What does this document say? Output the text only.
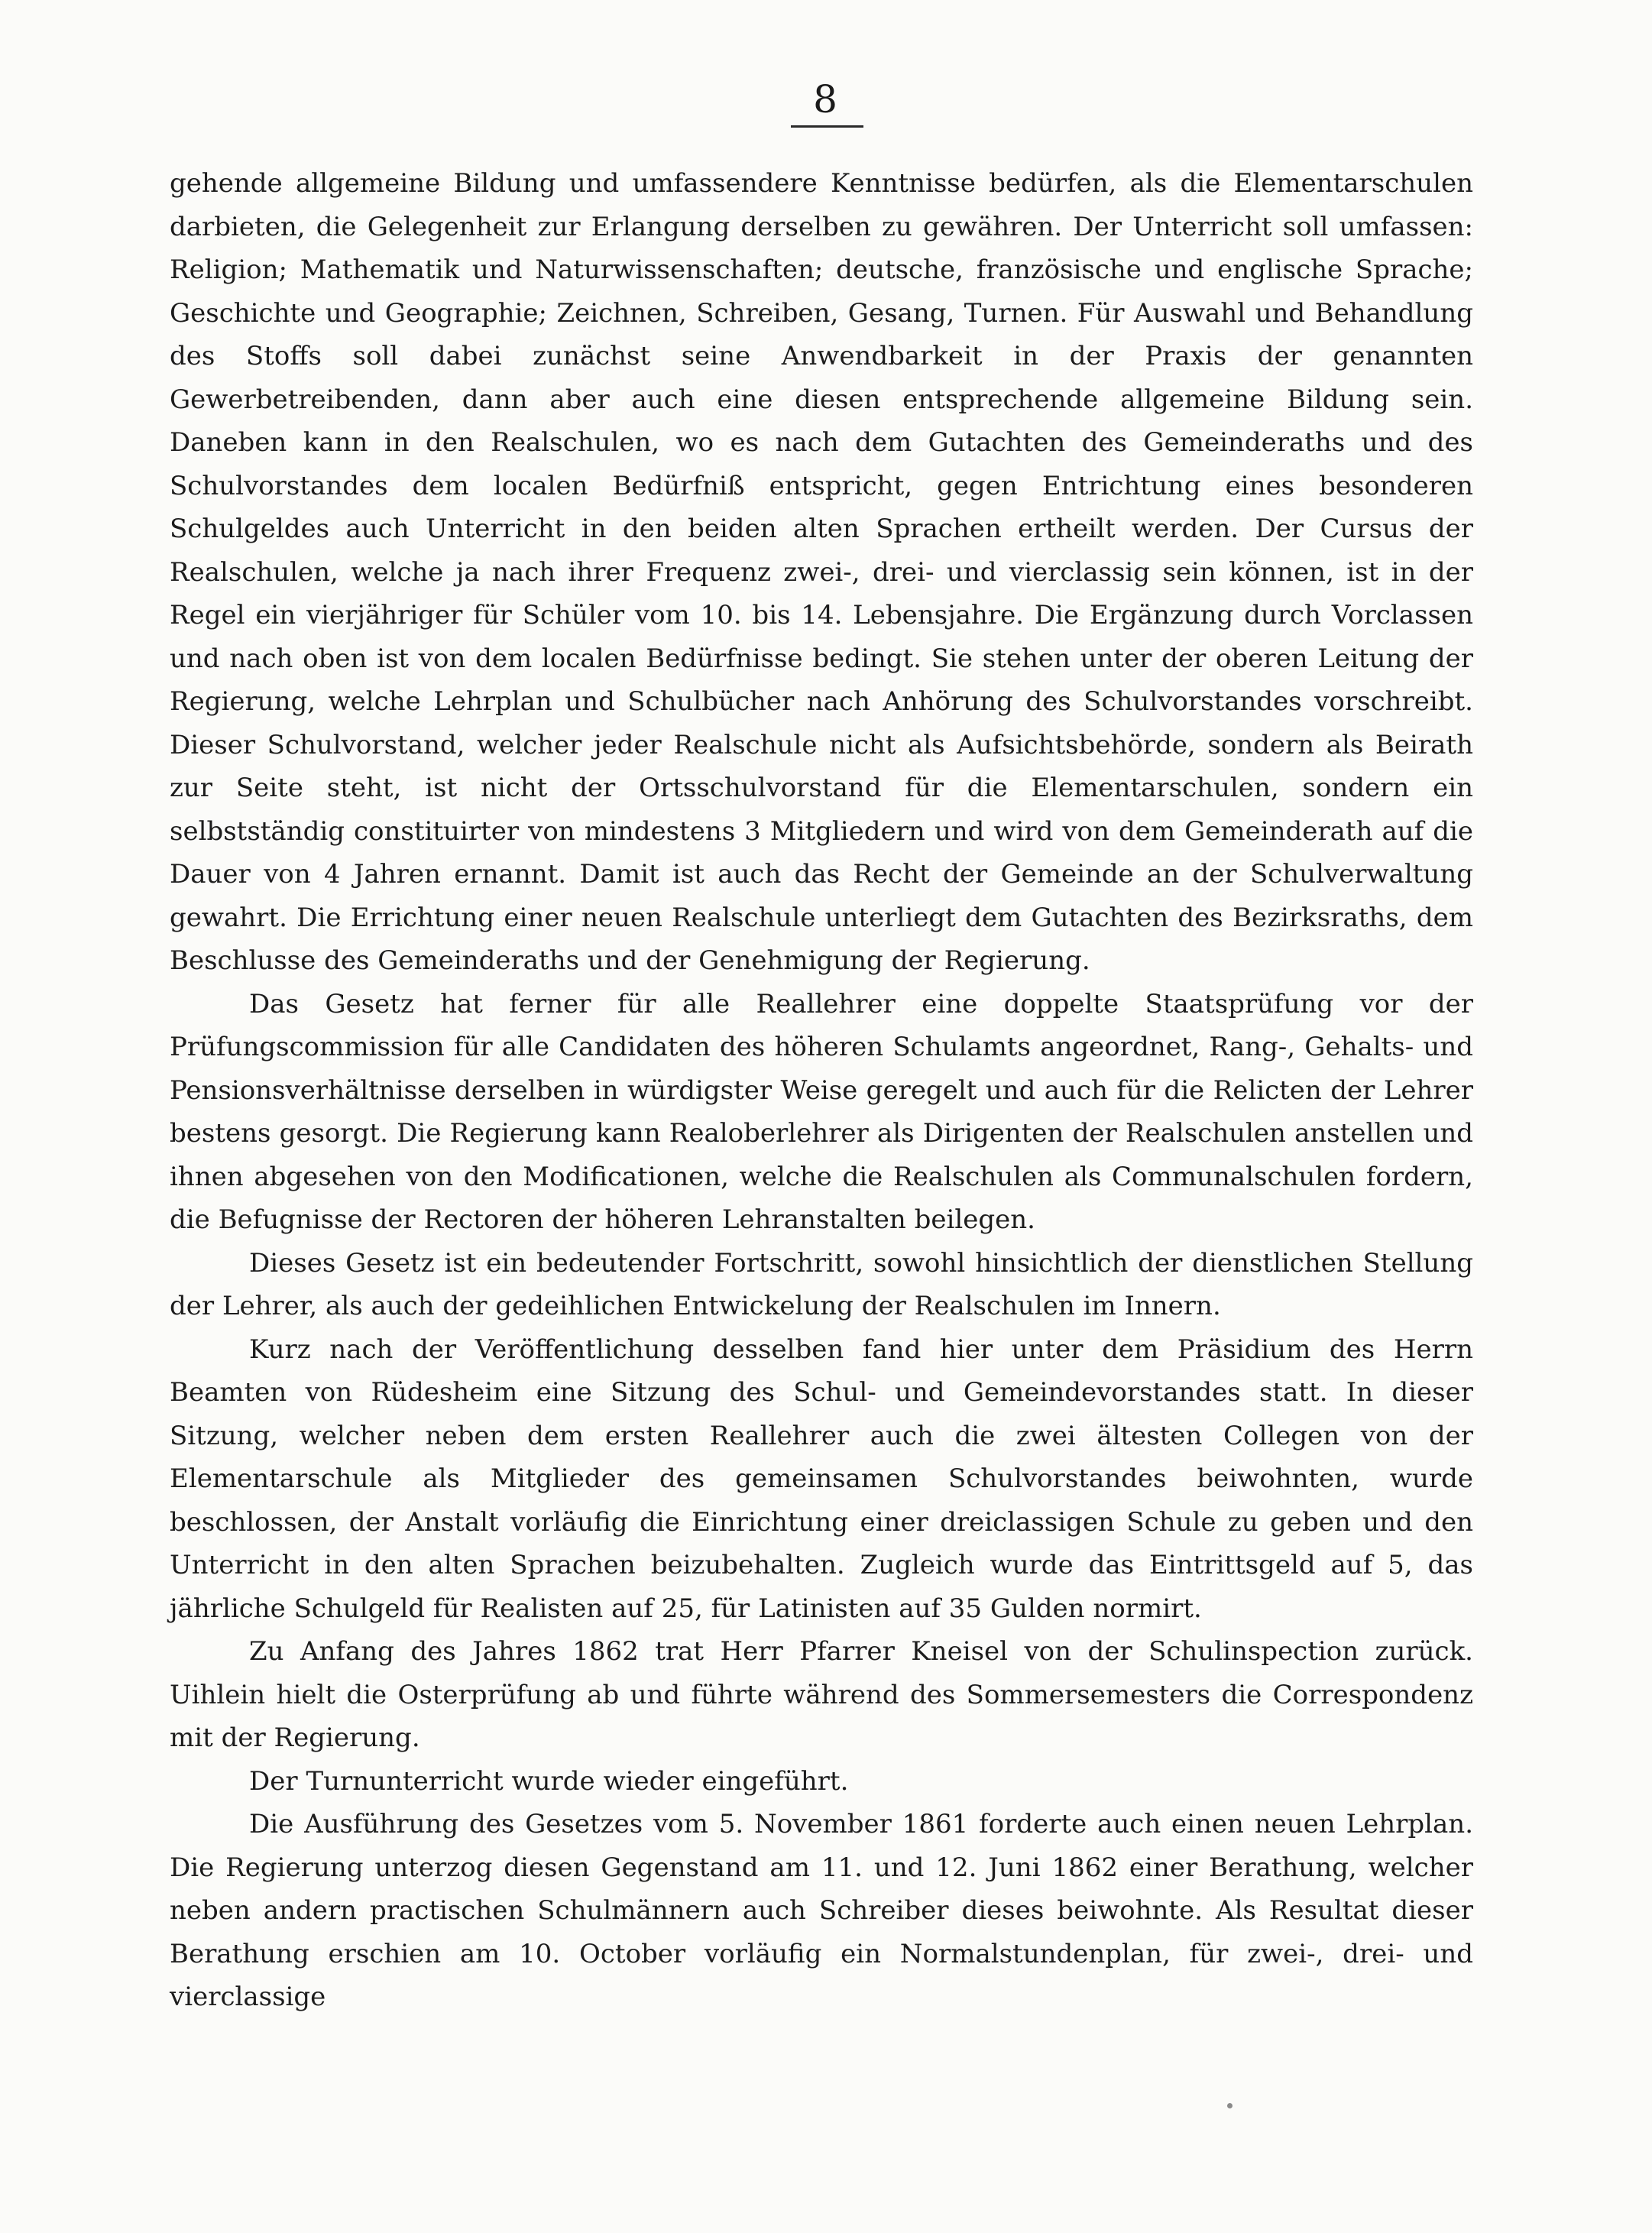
8

gehende allgemeine Bildung und umfassendere Kenntnisse bedürfen, als die Elementarschulen darbieten, die Gelegenheit zur Erlangung derselben zu gewähren. Der Unterricht soll umfassen: Religion; Mathematik und Naturwissenschaften; deutsche, französische und englische Sprache; Geschichte und Geographie; Zeichnen, Schreiben, Gesang, Turnen. Für Auswahl und Behandlung des Stoffs soll dabei zunächst seine Anwendbarkeit in der Praxis der genannten Gewerbetreibenden, dann aber auch eine diesen entsprechende allgemeine Bildung sein. Daneben kann in den Realschulen, wo es nach dem Gutachten des Gemeinderaths und des Schulvorstandes dem localen Bedürfniß entspricht, gegen Entrichtung eines besonderen Schulgeldes auch Unterricht in den beiden alten Sprachen ertheilt werden. Der Cursus der Realschulen, welche ja nach ihrer Frequenz zwei-, drei- und vierclassig sein können, ist in der Regel ein vierjähriger für Schüler vom 10. bis 14. Lebensjahre. Die Ergänzung durch Vorclassen und nach oben ist von dem localen Bedürfnisse bedingt. Sie stehen unter der oberen Leitung der Regierung, welche Lehrplan und Schulbücher nach Anhörung des Schulvorstandes vorschreibt. Dieser Schulvorstand, welcher jeder Realschule nicht als Aufsichtsbehörde, sondern als Beirath zur Seite steht, ist nicht der Ortsschulvorstand für die Elementarschulen, sondern ein selbstständig constituirter von mindestens 3 Mitgliedern und wird von dem Gemeinderath auf die Dauer von 4 Jahren ernannt. Damit ist auch das Recht der Gemeinde an der Schulverwaltung gewahrt. Die Errichtung einer neuen Realschule unterliegt dem Gutachten des Bezirksraths, dem Beschlusse des Gemeinderaths und der Genehmigung der Regierung.

Das Gesetz hat ferner für alle Reallehrer eine doppelte Staatsprüfung vor der Prüfungscommission für alle Candidaten des höheren Schulamts angeordnet, Rang-, Gehalts- und Pensionsverhältnisse derselben in würdigster Weise geregelt und auch für die Relicten der Lehrer bestens gesorgt. Die Regierung kann Realoberlehrer als Dirigenten der Realschulen anstellen und ihnen abgesehen von den Modificationen, welche die Realschulen als Communalschulen fordern, die Befugnisse der Rectoren der höheren Lehranstalten beilegen.

Dieses Gesetz ist ein bedeutender Fortschritt, sowohl hinsichtlich der dienstlichen Stellung der Lehrer, als auch der gedeihlichen Entwickelung der Realschulen im Innern.

Kurz nach der Veröffentlichung desselben fand hier unter dem Präsidium des Herrn Beamten von Rüdesheim eine Sitzung des Schul- und Gemeindevorstandes statt. In dieser Sitzung, welcher neben dem ersten Reallehrer auch die zwei ältesten Collegen von der Elementarschule als Mitglieder des gemeinsamen Schulvorstandes beiwohnten, wurde beschlossen, der Anstalt vorläufig die Einrichtung einer dreiclassigen Schule zu geben und den Unterricht in den alten Sprachen beizubehalten. Zugleich wurde das Eintrittsgeld auf 5, das jährliche Schulgeld für Realisten auf 25, für Latinisten auf 35 Gulden normirt.

Zu Anfang des Jahres 1862 trat Herr Pfarrer Kneisel von der Schulinspection zurück. Uihlein hielt die Osterprüfung ab und führte während des Sommersemesters die Correspondenz mit der Regierung.

Der Turnunterricht wurde wieder eingeführt.

Die Ausführung des Gesetzes vom 5. November 1861 forderte auch einen neuen Lehrplan. Die Regierung unterzog diesen Gegenstand am 11. und 12. Juni 1862 einer Berathung, welcher neben andern practischen Schulmännern auch Schreiber dieses beiwohnte. Als Resultat dieser Berathung erschien am 10. October vorläufig ein Normalstundenplan, für zwei-, drei- und vierclassige
